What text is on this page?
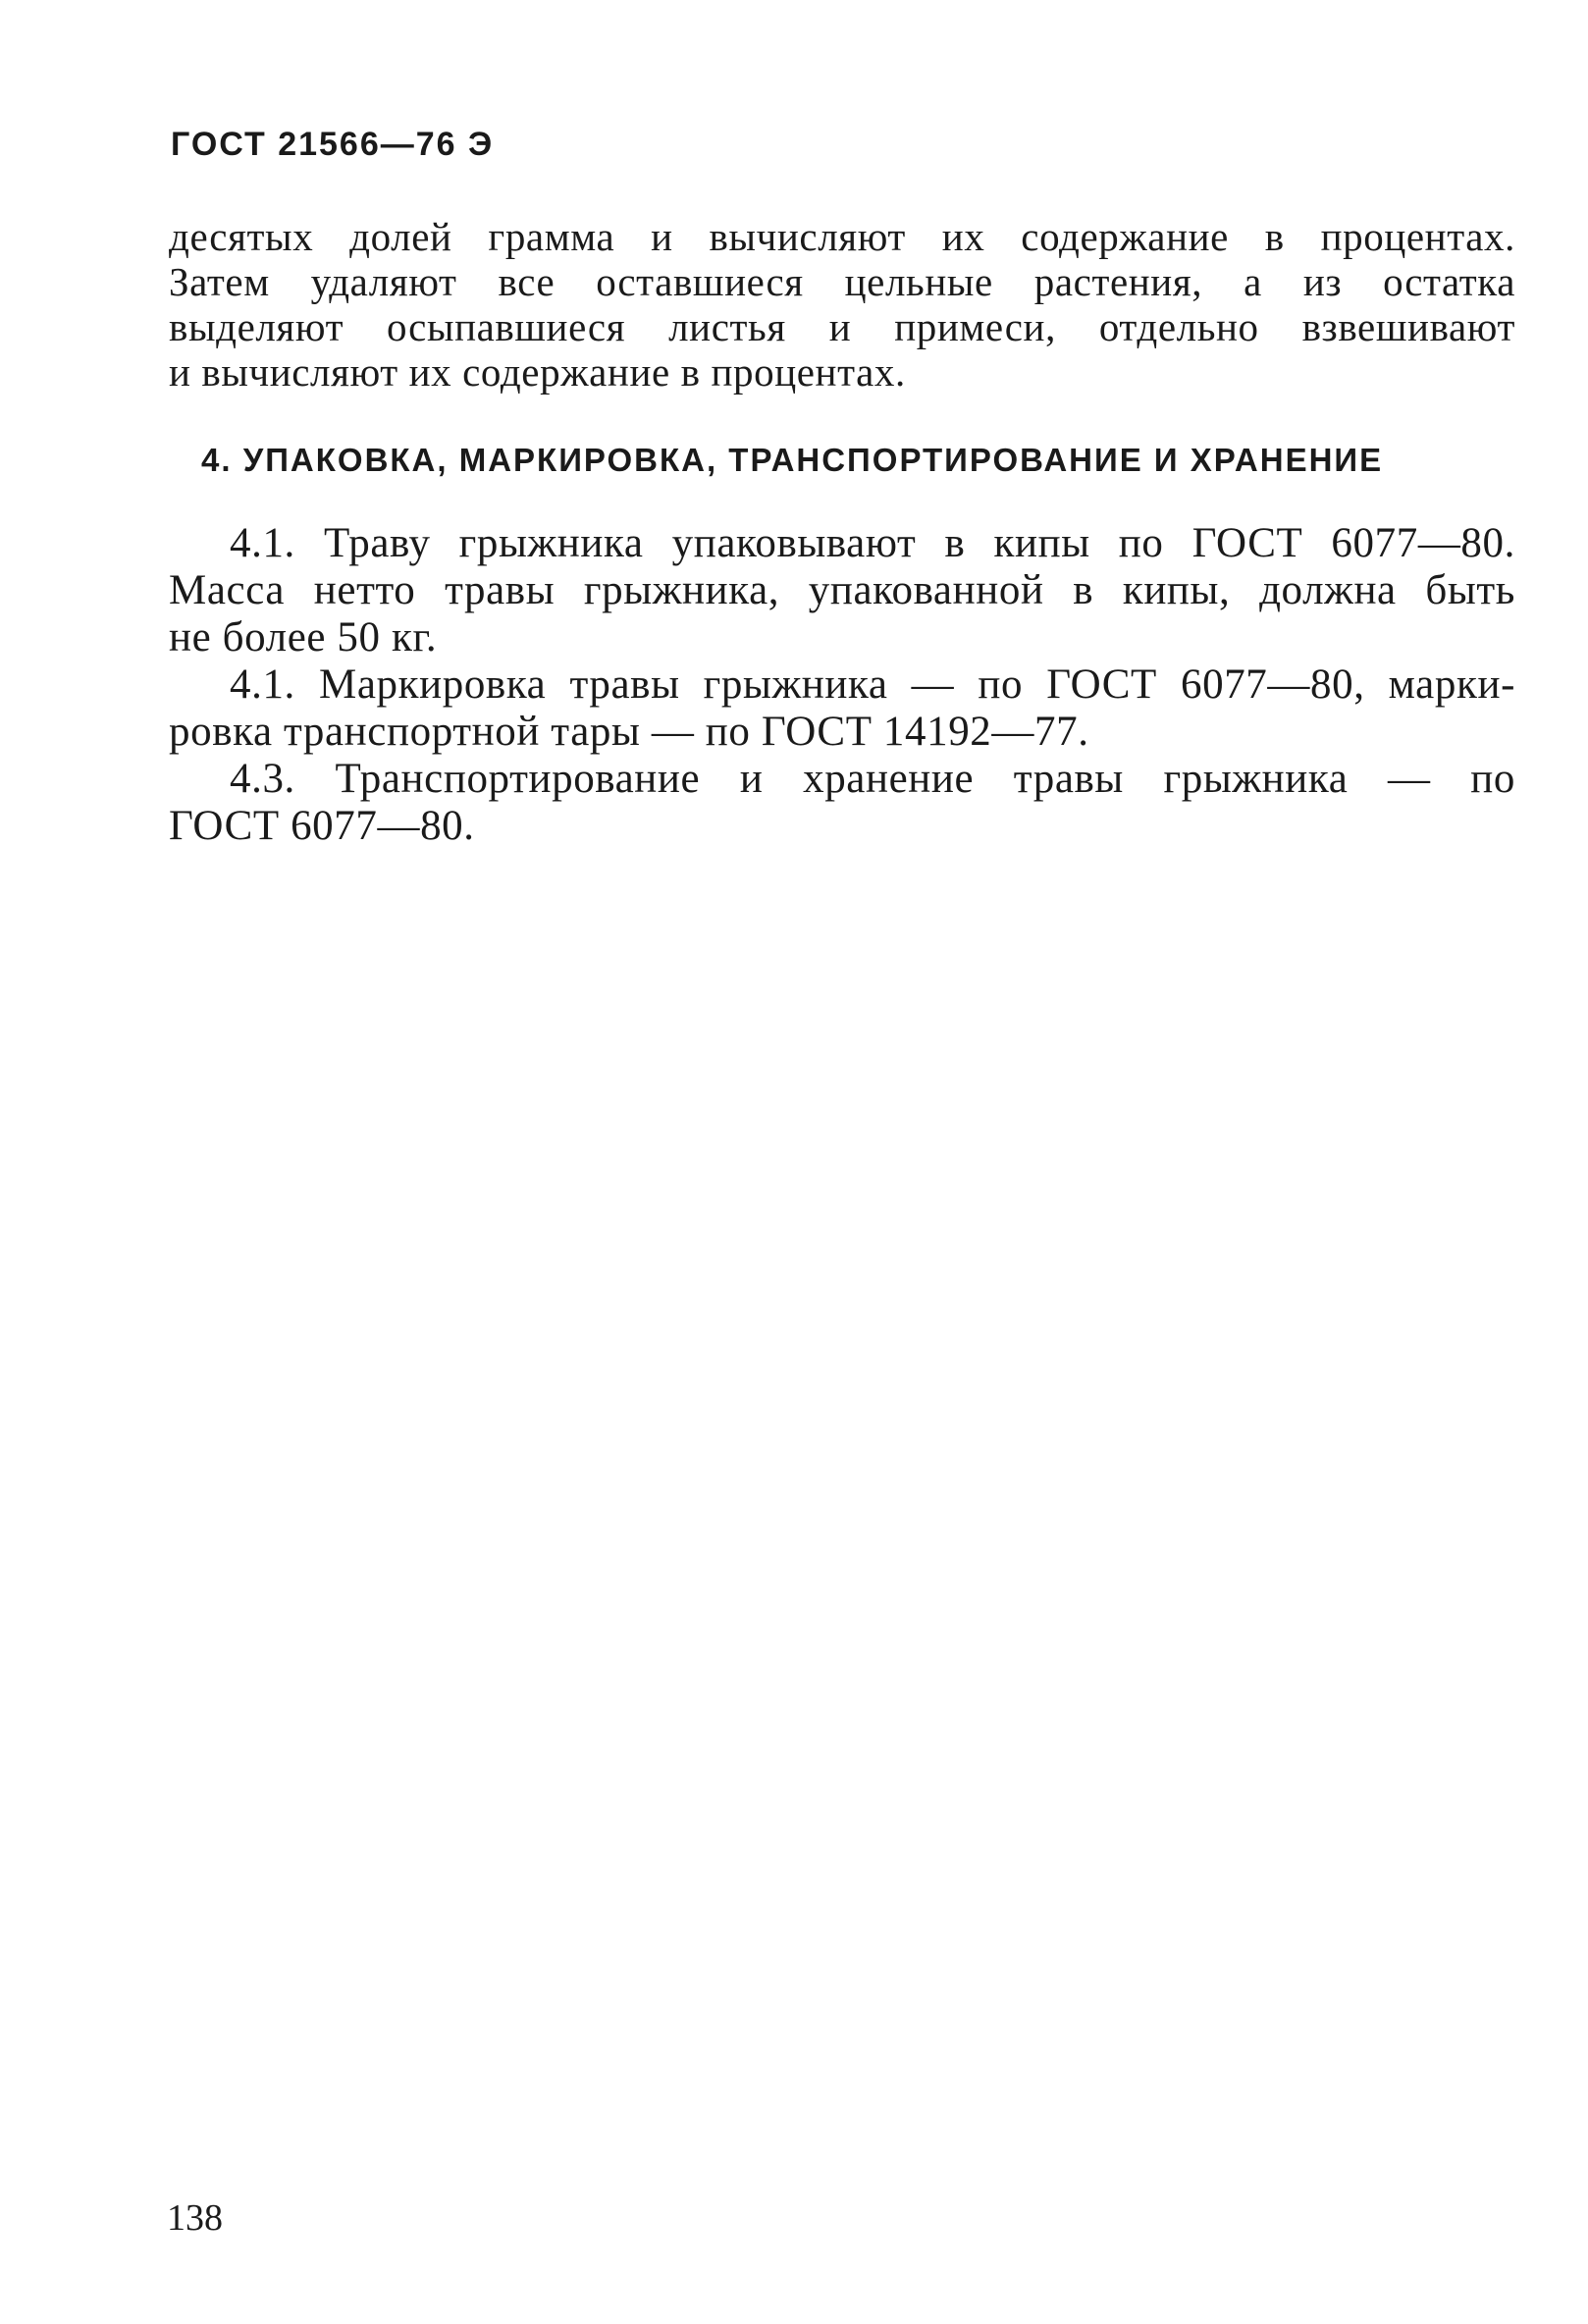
ГОСТ 21566—76 Э
десятых долей грамма и вычисляют их содержание в процентах.
Затем удаляют все оставшиеся цельные растения, а из остатка
выделяют осыпавшиеся листья и примеси, отдельно взвешивают
и вычисляют их содержание в процентах.
4. УПАКОВКА, МАРКИРОВКА, ТРАНСПОРТИРОВАНИЕ И ХРАНЕНИЕ
4.1. Траву грыжника упаковывают в кипы по ГОСТ 6077—80.
Масса нетто травы грыжника, упакованной в кипы, должна быть
не более 50 кг.
4.1. Маркировка травы грыжника — по ГОСТ 6077—80, марки-
ровка транспортной тары — по ГОСТ 14192—77.
4.3. Транспортирование и хранение травы грыжника — по
ГОСТ 6077—80.
138
